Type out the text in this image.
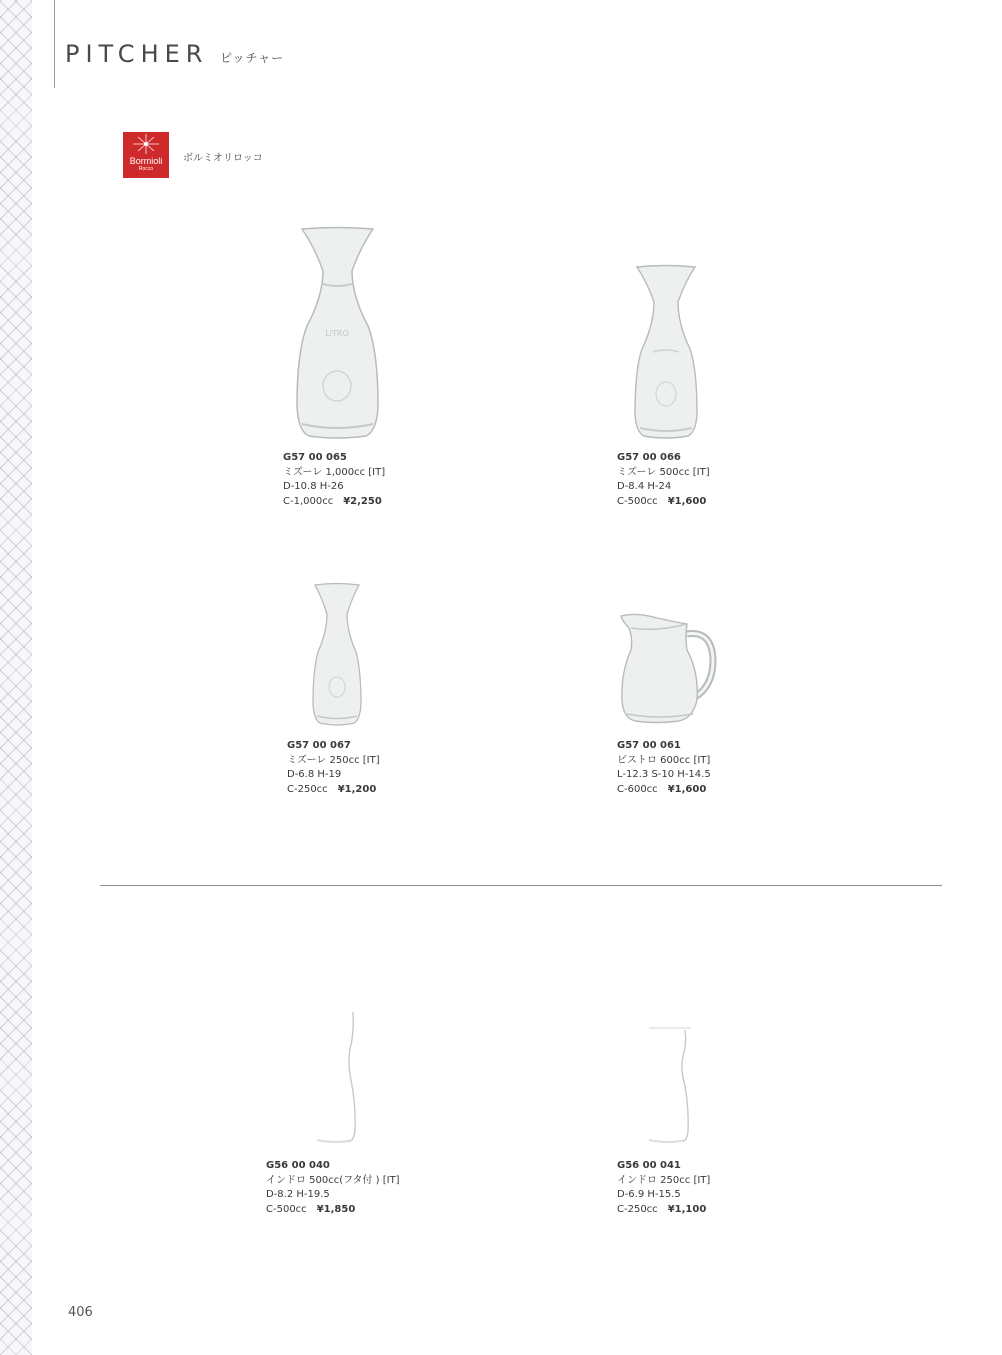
PITCHER ピッチャー
Bormioli
Rocco
ボルミオリロッコ
LITRO
G57 00 065
ミズーレ 1,000cc [IT]
D-10.8 H-26
C-1,000cc ¥2,250
G57 00 066
ミズーレ 500cc [IT]
D-8.4 H-24
C-500cc ¥1,600
G57 00 067
ミズーレ 250cc [IT]
D-6.8 H-19
C-250cc ¥1,200
G57 00 061
ビストロ 600cc [IT]
L-12.3 S-10 H-14.5
C-600cc ¥1,600
G56 00 040
インドロ 500cc(フタ付 ) [IT]
D-8.2 H-19.5
C-500cc ¥1,850
G56 00 041
インドロ 250cc [IT]
D-6.9 H-15.5
C-250cc ¥1,100
406
